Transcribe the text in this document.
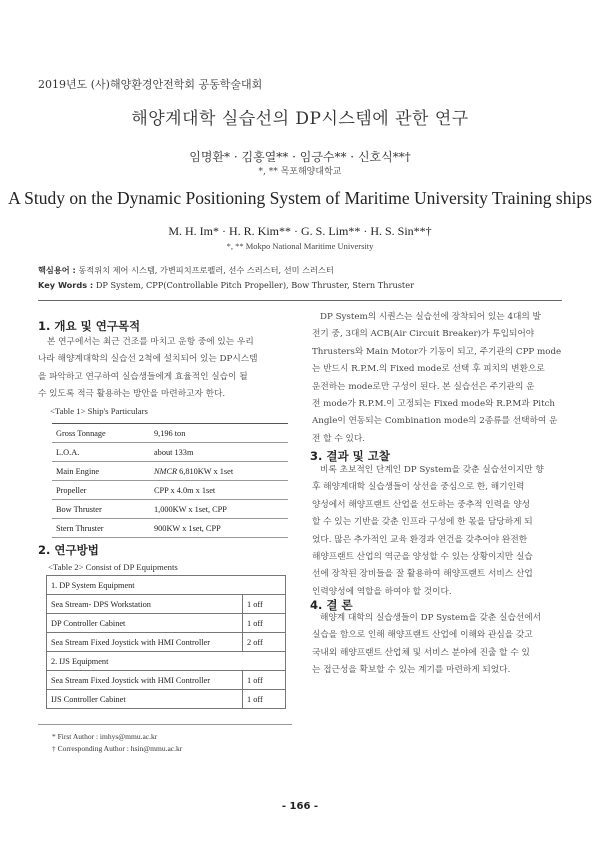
2019년도 (사)해양환경안전학회 공동학술대회
해양계대학 실습선의 DP시스템에 관한 연구
임명환* · 김홍열** · 임긍수** · 신호식**†
*, ** 목포해양대학교
A Study on the Dynamic Positioning System of Maritime University Training ships
M. H. Im* · H. R. Kim** · G. S. Lim** · H. S. Sin**†
*, ** Mokpo National Maritime University
핵심용어 : 동적위치 제어 시스템, 가변피치프로펠러, 선수 스러스터, 선미 스러스터
Key Words : DP System, CPP(Controllable Pitch Propeller), Bow Thruster, Stern Thruster
1. 개요 및 연구목적
본 연구에서는 최근 건조를 마치고 운항 중에 있는 우리
나라 해양계대학의 실습선 2척에 설치되어 있는 DP시스템
을 파악하고 연구하여 실습생들에게 효율적인 실습이 될
수 있도록 적극 활용하는 방안을 마련하고자 한다.
<Table 1> Ship's Particulars
Gross Tonnage	9,196 ton
L.O.A.	about 133m
Main Engine	NMCR 6,810KW x 1set
Propeller	CPP x 4.0m x 1set
Bow Thruster	1,000KW x 1set, CPP
Stern Thruster	900KW x 1set, CPP
2. 연구방법
<Table 2> Consist of DP Equipments
1. DP System Equipment	
Sea Stream- DPS Workstation	1 off
DP Controller Cabinet	1 off
Sea Stream Fixed Joystick with HMI Controller	2 off
2. IJS Equipment	
Sea Stream Fixed Joystick with HMI Controller	1 off
IJS Controller Cabinet	1 off
DP System의 시퀀스는 실습선에 장착되어 있는 4대의 발
전기 중, 3대의 ACB(Air Circuit Breaker)가 투입되어야
Thrusters와 Main Motor가 기동이 되고, 주기관의 CPP mode
는 반드시 R.P.M.의 Fixed mode로 선택 후 피치의 변환으로
운전하는 mode로만 구성이 된다. 본 실습선은 주기관의 운
전 mode가 R.P.M.이 고정되는 Fixed mode와 R.P.M과 Pitch
Angle이 연동되는 Combination mode의 2종류를 선택하여 운
전 할 수 있다.
3. 결과 및 고찰
비록 초보적인 단계인 DP System을 갖춘 실습선이지만 향
후 해양계대학 실습생들이 상선을 중심으로 한, 해기인력
양성에서 해양프랜트 산업을 선도하는 중추적 인력을 양성
할 수 있는 기반을 갖춘 인프라 구성에 한 몫을 담당하게 되
었다. 많은 추가적인 교육 환경과 연건을 갖추어야 완전한
해양프랜트 산업의 역군을 양성할 수 있는 상황이지만 실습
선에 장착된 장비들을 잘 활용하여 해양프랜트 서비스 산업
인력양성에 역할을 하여야 할 것이다.
4. 결 론
해양계 대학의 실습생들이 DP System을 갖춘 실습선에서
실습을 함으로 인해 해양프랜트 산업에 이해와 관심을 갖고
국내외 해양프랜트 산업체 및 서비스 분야에 진출 할 수 있
는 접근성을 확보할 수 있는 계기를 마련하게 되었다.
* First Author : imhys@mmu.ac.kr
† Corresponding Author : hsin@mmu.ac.kr
- 166 -
